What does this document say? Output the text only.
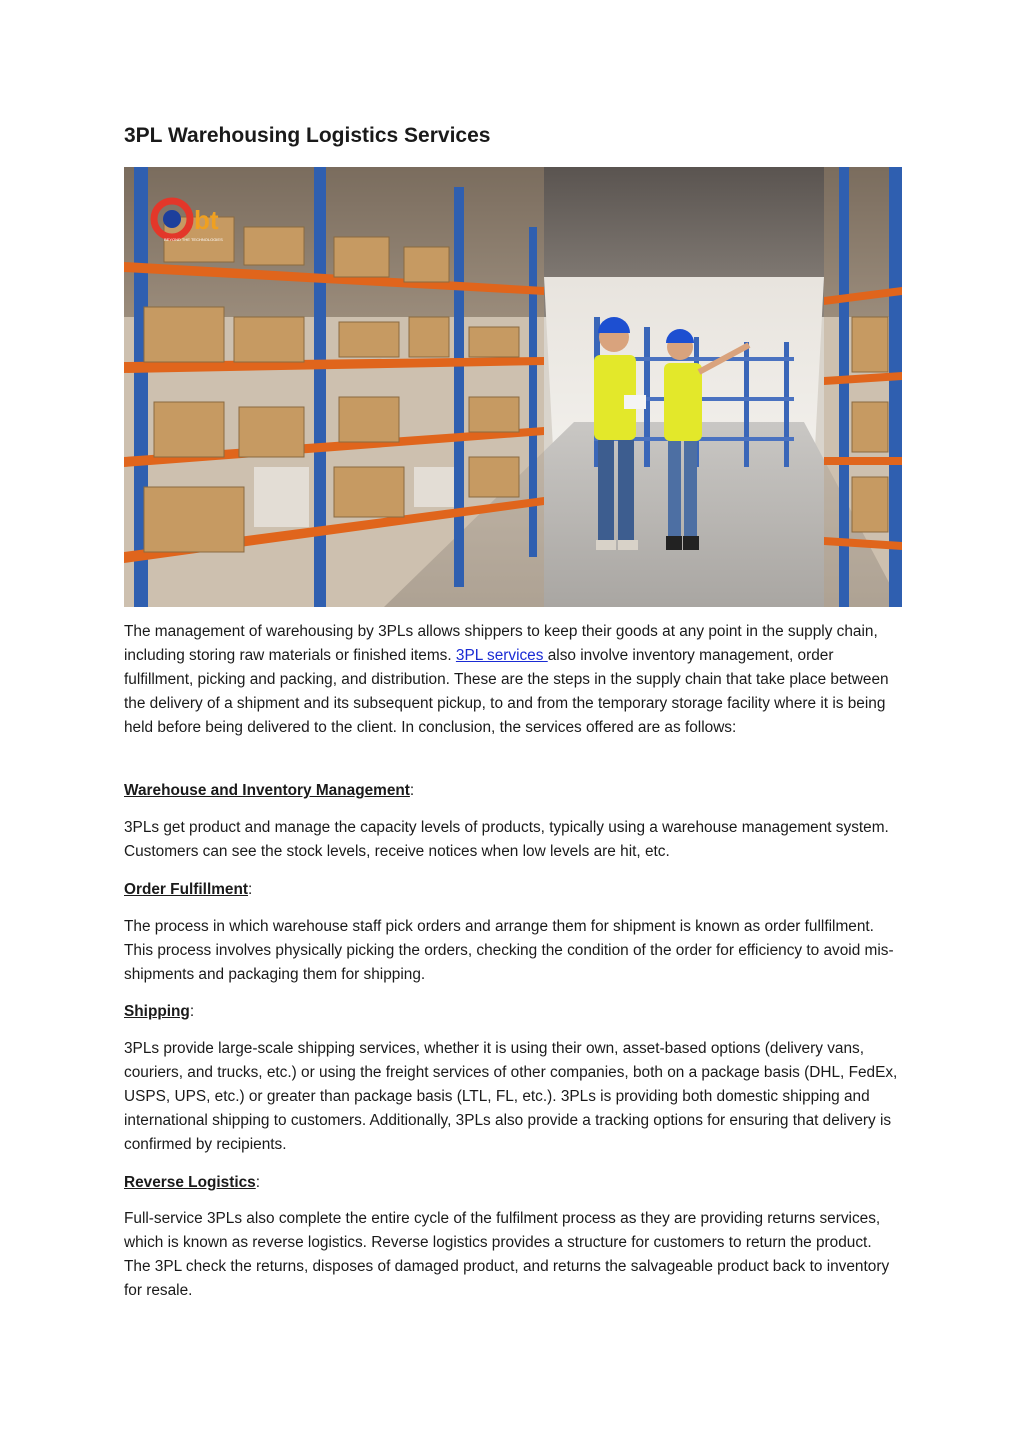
3PL Warehousing Logistics Services
bt
BEYOND THE TECHNOLOGIES

The management of warehousing by 3PLs allows shippers to keep their goods at any point in the supply chain, including storing raw materials or finished items. 3PL services also involve inventory management, order fulfillment, picking and packing, and distribution. These are the steps in the supply chain that take place between the delivery of a shipment and its subsequent pickup, to and from the temporary storage facility where it is being held before being delivered to the client. In conclusion, the services offered are as follows:

Warehouse and Inventory Management:

3PLs get product and manage the capacity levels of products, typically using a warehouse management system. Customers can see the stock levels, receive notices when low levels are hit, etc.

Order Fulfillment:

The process in which warehouse staff pick orders and arrange them for shipment is known as order fullfilment. This process involves physically picking the orders, checking the condition of the order for efficiency to avoid mis-shipments and packaging them for shipping.

Shipping:

3PLs provide large-scale shipping services, whether it is using their own, asset-based options (delivery vans, couriers, and trucks, etc.) or using the freight services of other companies, both on a package basis (DHL, FedEx, USPS, UPS, etc.) or greater than package basis (LTL, FL, etc.). 3PLs is providing both domestic shipping and international shipping to customers. Additionally, 3PLs also provide a tracking options for ensuring that delivery is confirmed by recipients.

Reverse Logistics:

Full-service 3PLs also complete the entire cycle of the fulfilment process as they are providing returns services, which is known as reverse logistics. Reverse logistics provides a structure for customers to return the product. The 3PL check the returns, disposes of damaged product, and returns the salvageable product back to inventory for resale.
